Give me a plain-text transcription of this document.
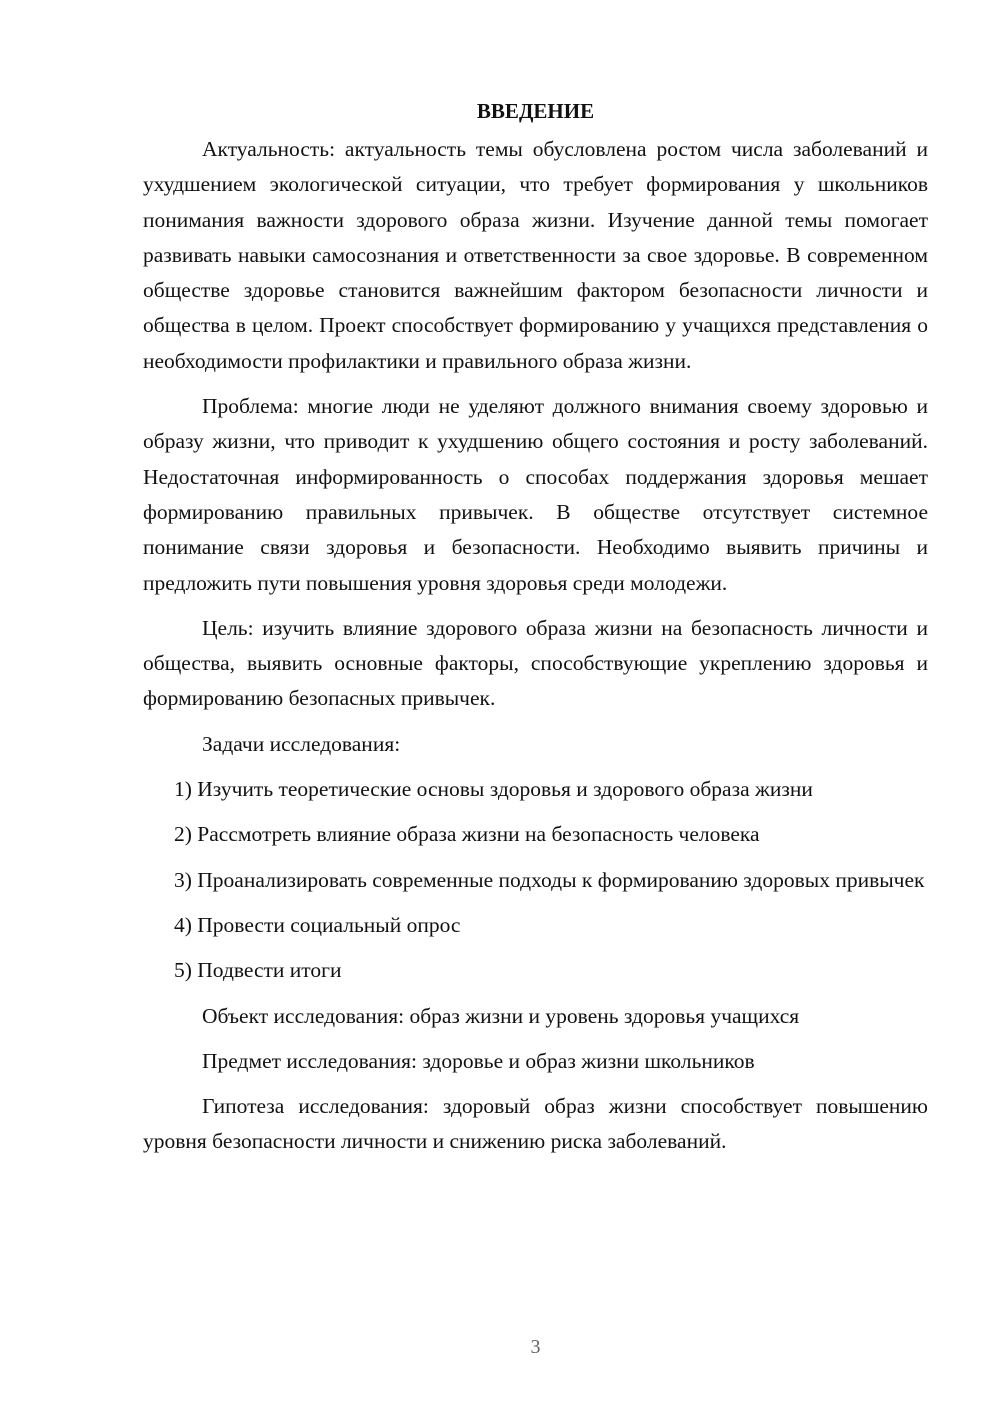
ВВЕДЕНИЕ

Актуальность: актуальность темы обусловлена ростом числа заболеваний и ухудшением экологической ситуации, что требует формирования у школьников понимания важности здорового образа жизни. Изучение данной темы помогает развивать навыки самосознания и ответственности за свое здоровье. В современном обществе здоровье становится важнейшим фактором безопасности личности и общества в целом. Проект способствует формированию у учащихся представления о необходимости профилактики и правильного образа жизни.

Проблема: многие люди не уделяют должного внимания своему здоровью и образу жизни, что приводит к ухудшению общего состояния и росту заболеваний. Недостаточная информированность о способах поддержания здоровья мешает формированию правильных привычек. В обществе отсутствует системное понимание связи здоровья и безопасности. Необходимо выявить причины и предложить пути повышения уровня здоровья среди молодежи.

Цель: изучить влияние здорового образа жизни на безопасность личности и общества, выявить основные факторы, способствующие укреплению здоровья и формированию безопасных привычек.

Задачи исследования:

1) Изучить теоретические основы здоровья и здорового образа жизни

2) Рассмотреть влияние образа жизни на безопасность человека

3) Проанализировать современные подходы к формированию здоровых привычек

4) Провести социальный опрос

5) Подвести итоги

Объект исследования: образ жизни и уровень здоровья учащихся

Предмет исследования: здоровье и образ жизни школьников

Гипотеза исследования: здоровый образ жизни способствует повышению уровня безопасности личности и снижению риска заболеваний.

3
